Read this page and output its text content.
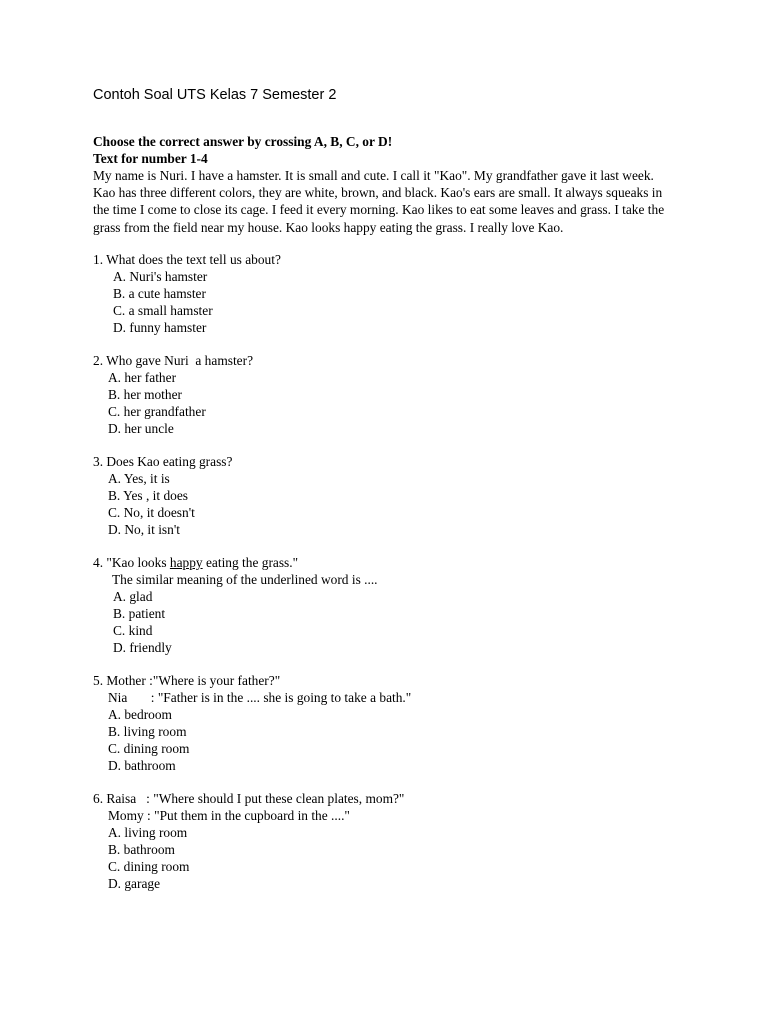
Contoh Soal UTS Kelas 7 Semester 2

Choose the correct answer by crossing A, B, C, or D!

Text for number 1-4

My name is Nuri. I have a hamster. It is small and cute. I call it "Kao". My grandfather gave it last week. Kao has three different colors, they are white, brown, and black. Kao's ears are small. It always squeaks in the time I come to close its cage. I feed it every morning. Kao likes to eat some leaves and grass. I take the grass from the field near my house. Kao looks happy eating the grass. I really love Kao.

1. What does the text tell us about?
A. Nuri's hamster
B. a cute hamster
C. a small hamster
D. funny hamster
2. Who gave Nuri  a hamster?
A. her father
B. her mother
C. her grandfather
D. her uncle
3. Does Kao eating grass?
A. Yes, it is
B. Yes , it does
C. No, it doesn't
D. No, it isn't
4. "Kao looks happy eating the grass."
The similar meaning of the underlined word is ....
A. glad
B. patient
C. kind
D. friendly
5. Mother :"Where is your father?"
Nia       : "Father is in the .... she is going to take a bath."
A. bedroom
B. living room
C. dining room
D. bathroom
6. Raisa   : "Where should I put these clean plates, mom?"
Momy : "Put them in the cupboard in the ...."
A. living room
B. bathroom
C. dining room
D. garage
